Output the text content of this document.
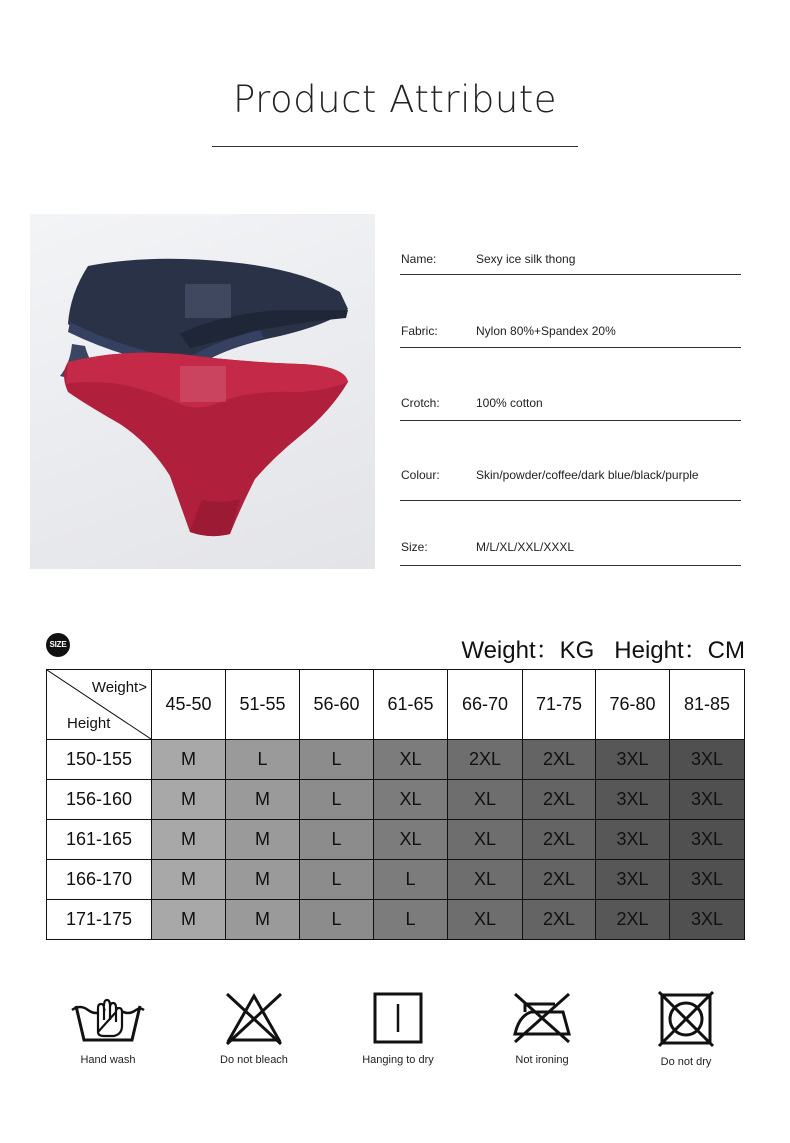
Product Attribute
Name:	Sexy ice silk thong
Fabric:	Nylon 80%+Spandex 20%
Crotch:	100% cotton
Colour:	Skin/powder/coffee/dark blue/black/purple
Size:	M/L/XL/XXL/XXXL
SIZE	Weight：KG Height：CM
Weight>
Height	45-50	51-55	56-60	61-65	66-70	71-75	76-80	81-85
150-155	M	L	L	XL	2XL	2XL	3XL	3XL
156-160	M	M	L	XL	XL	2XL	3XL	3XL
161-165	M	M	L	XL	XL	2XL	3XL	3XL
166-170	M	M	L	L	XL	2XL	3XL	3XL
171-175	M	M	L	L	XL	2XL	2XL	3XL
Hand wash	Do not bleach	Hanging to dry	Not ironing	Do not dry
